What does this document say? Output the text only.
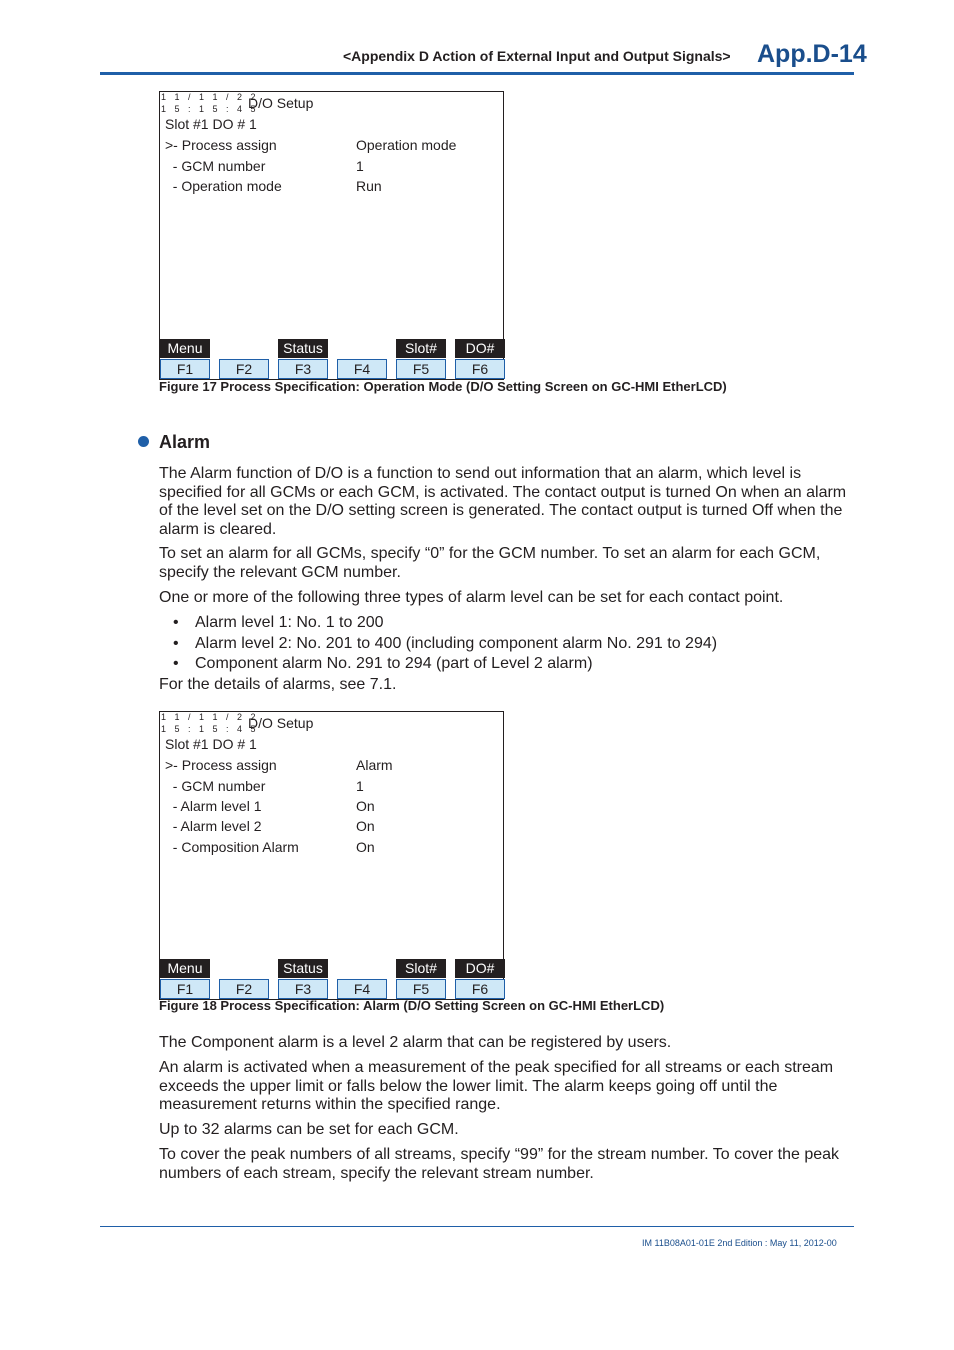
<Appendix D Action of External Input and Output Signals> App.D-14
1 1 / 1 1 / 2 2
1 5 : 1 5 : 4 5
D/O Setup
Slot #1 DO # 1
>- Process assign	Operation mode
- GCM number	1
- Operation mode	Run
Menu	Status	Slot#	DO#
F1	F2	F3	F4	F5	F6
Figure 17 Process Specification: Operation Mode (D/O Setting Screen on GC-HMI EtherLCD)
Alarm
The Alarm function of D/O is a function to send out information that an alarm, which level is specified for all GCMs or each GCM, is activated. The contact output is turned On when an alarm of the level set on the D/O setting screen is generated. The contact output is turned Off when the alarm is cleared.
To set an alarm for all GCMs, specify “0” for the GCM number. To set an alarm for each GCM, specify the relevant GCM number.
One or more of the following three types of alarm level can be set for each contact point.
• Alarm level 1: No. 1 to 200
• Alarm level 2: No. 201 to 400 (including component alarm No. 291 to 294)
• Component alarm No. 291 to 294 (part of Level 2 alarm)
For the details of alarms, see 7.1.
1 1 / 1 1 / 2 2
1 5 : 1 5 : 4 5
D/O Setup
Slot #1 DO # 1
>- Process assign	Alarm
- GCM number	1
- Alarm level 1	On
- Alarm level 2	On
- Composition Alarm	On
Menu	Status	Slot#	DO#
F1	F2	F3	F4	F5	F6
Figure 18 Process Specification: Alarm (D/O Setting Screen on GC-HMI EtherLCD)
The Component alarm is a level 2 alarm that can be registered by users.
An alarm is activated when a measurement of the peak specified for all streams or each stream exceeds the upper limit or falls below the lower limit. The alarm keeps going off until the measurement returns within the specified range.
Up to 32 alarms can be set for each GCM.
To cover the peak numbers of all streams, specify “99” for the stream number. To cover the peak numbers of each stream, specify the relevant stream number.
IM 11B08A01-01E 2nd Edition : May 11, 2012-00
